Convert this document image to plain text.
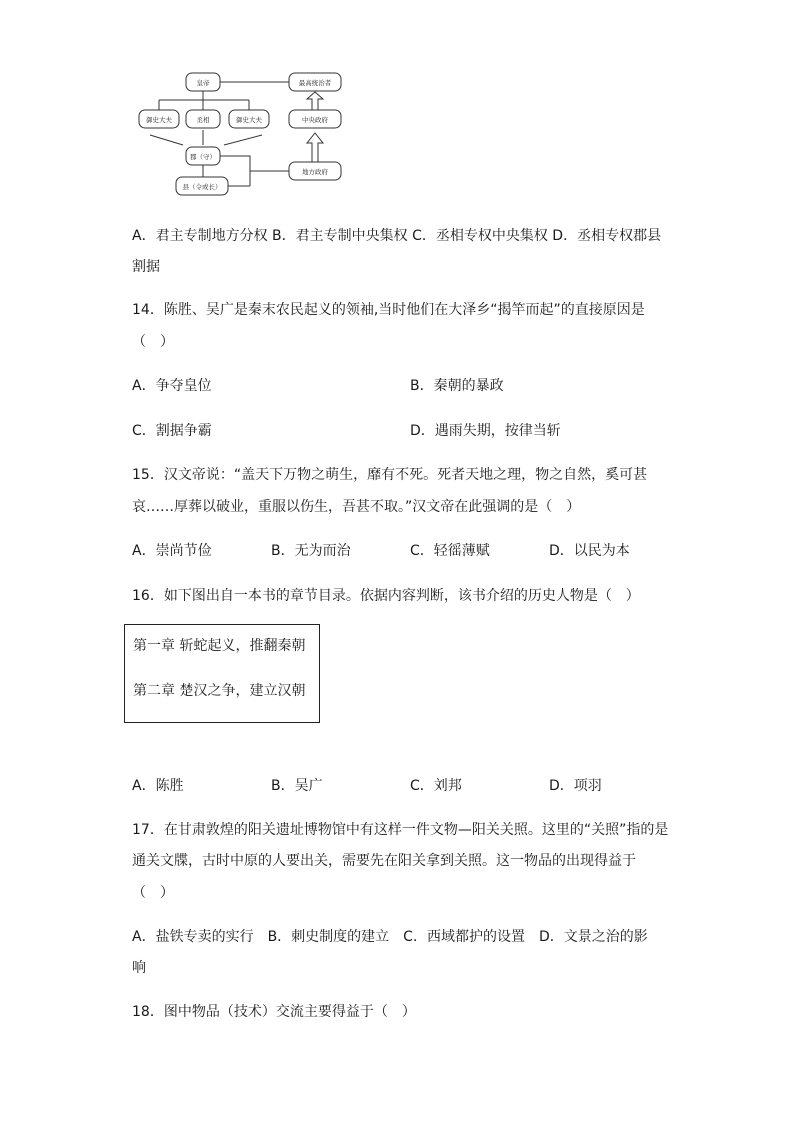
皇帝
御史大夫	丞相	御史大夫
郡（守）
县（令或长）
最高统治者
中央政府
地方政府
A．君主专制地方分权 B．君主专制中央集权 C．丞相专权中央集权 D．丞相专权郡县
割据
14．陈胜、吴广是秦末农民起义的领袖,当时他们在大泽乡“揭竿而起”的直接原因是
（　）
A．争夺皇位	B．秦朝的暴政
C．割据争霸	D．遇雨失期，按律当斩
15．汉文帝说：“盖天下万物之萌生，靡有不死。死者天地之理，物之自然，奚可甚
哀……厚葬以破业，重服以伤生，吾甚不取。”汉文帝在此强调的是（　）
A．崇尚节俭	B．无为而治	C．轻徭薄赋	D．以民为本
16．如下图出自一本书的章节目录。依据内容判断，该书介绍的历史人物是（　）
第一章 斩蛇起义，推翻秦朝
第二章 楚汉之争，建立汉朝
A．陈胜	B．吴广	C．刘邦	D．项羽
17．在甘肃敦煌的阳关遗址博物馆中有这样一件文物—阳关关照。这里的“关照”指的是
通关文牒，古时中原的人要出关，需要先在阳关拿到关照。这一物品的出现得益于
（　）
A．盐铁专卖的实行　B．刺史制度的建立　C．西域都护的设置　D．文景之治的影
响
18．图中物品（技术）交流主要得益于（　）
